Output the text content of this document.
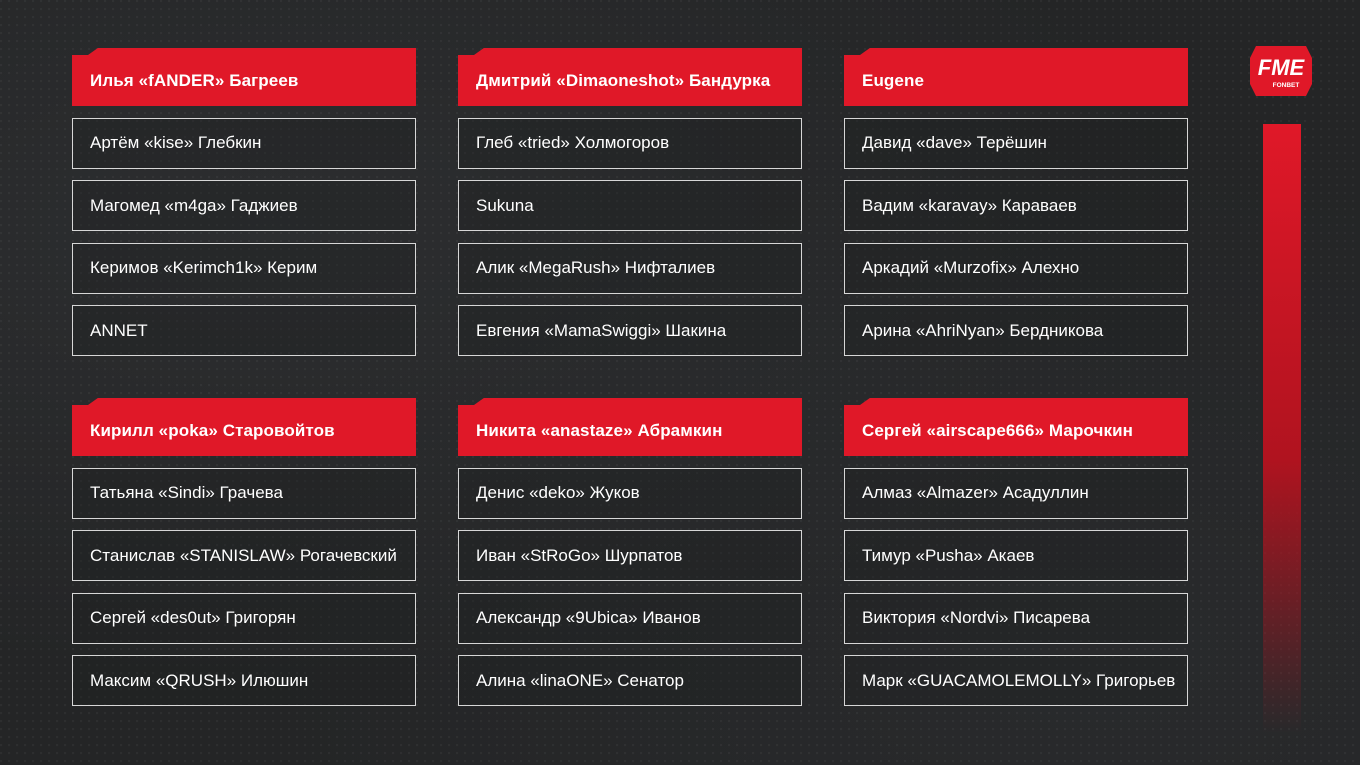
FME
FONBET
Илья «fANDER» Багреев
Артём «kise» Глебкин
Магомед «m4ga» Гаджиев
Керимов «Kerimch1k» Керим
ANNET
Дмитрий «Dimaoneshot» Бандурка
Глеб «tried» Холмогоров
Sukuna
Алик «MegaRush» Нифталиев
Евгения «MamaSwiggi» Шакина
Eugene
Давид «dave» Терёшин
Вадим «karavay» Караваев
Аркадий «Murzofix» Алехно
Арина «AhriNyan» Бердникова
Кирилл «poka» Старовойтов
Татьяна «Sindi» Грачева
Станислав «STANISLAW» Рогачевский
Сергей «des0ut» Григорян
Максим «QRUSH» Илюшин
Никита «anastaze» Абрамкин
Денис «deko» Жуков
Иван «StRoGo» Шурпатов
Александр «9Ubica» Иванов
Алина «linaONE» Сенатор
Сергей «airscape666» Марочкин
Алмаз «Almazer» Асадуллин
Тимур «Pusha» Акаев
Виктория «Nordvi» Писарева
Марк «GUACAMOLEMOLLY» Григорьев
